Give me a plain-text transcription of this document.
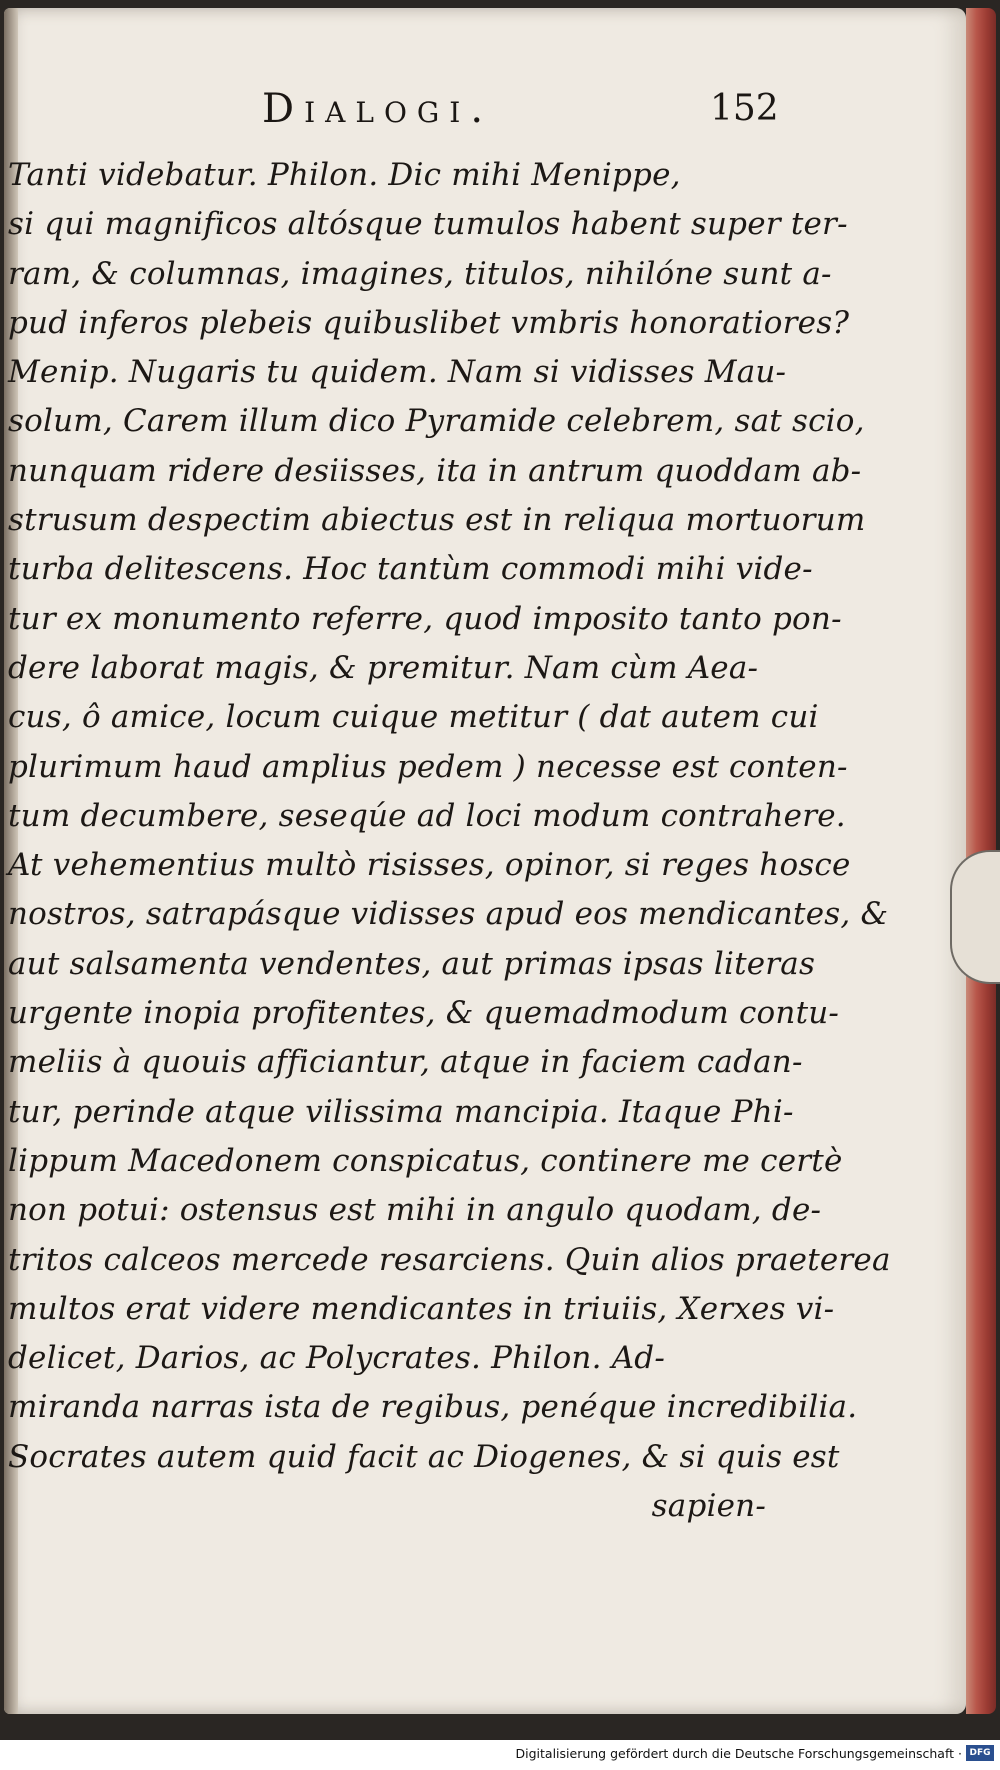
Dialogi.	152
Tanti videbatur. Philon. Dic mihi Menippe,
si qui magnificos altósque tumulos habent super ter-
ram, & columnas, imagines, titulos, nihilóne sunt a-
pud inferos plebeis quibuslibet vmbris honoratiores?
Menip. Nugaris tu quidem. Nam si vidisses Mau-
solum, Carem illum dico Pyramide celebrem, sat scio,
nunquam ridere desiisses, ita in antrum quoddam ab-
strusum despectim abiectus est in reliqua mortuorum
turba delitescens. Hoc tantùm commodi mihi vide-
tur ex monumento referre, quod imposito tanto pon-
dere laborat magis, & premitur. Nam cùm Aea-
cus, ô amice, locum cuique metitur ( dat autem cui
plurimum haud amplius pedem ) necesse est conten-
tum decumbere, seseqúe ad loci modum contrahere.
At vehementius multò risisses, opinor, si reges hosce
nostros, satrapásque vidisses apud eos mendicantes, &
aut salsamenta vendentes, aut primas ipsas literas
urgente inopia profitentes, & quemadmodum contu-
meliis à quouis afficiantur, atque in faciem cadan-
tur, perinde atque vilissima mancipia. Itaque Phi-
lippum Macedonem conspicatus, continere me certè
non potui: ostensus est mihi in angulo quodam, de-
tritos calceos mercede resarciens. Quin alios praeterea
multos erat videre mendicantes in triuiis, Xerxes vi-
delicet, Darios, ac Polycrates. Philon. Ad-
miranda narras ista de regibus, penéque incredibilia.
Socrates autem quid facit ac Diogenes, & si quis est
sapien-
Digitalisierung gefördert durch die Deutsche Forschungsgemeinschaft · DFG
